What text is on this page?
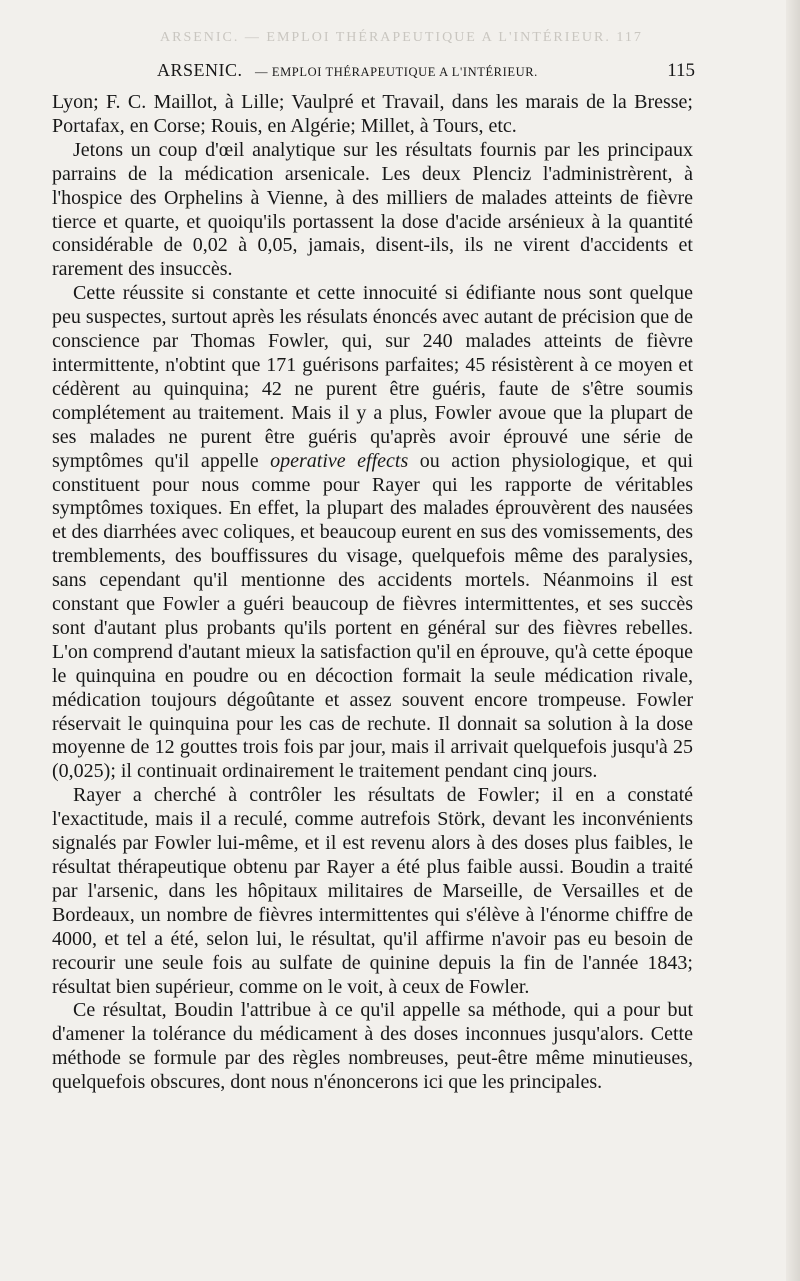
ARSENIC. — EMPLOI THÉRAPEUTIQUE A L'INTÉRIEUR. 117
ARSENIC. — EMPLOI THÉRAPEUTIQUE A L'INTÉRIEUR.	115

Lyon; F. C. Maillot, à Lille; Vaulpré et Travail, dans les marais de la Bresse; Portafax, en Corse; Rouis, en Algérie; Millet, à Tours, etc.

Jetons un coup d'œil analytique sur les résultats fournis par les principaux parrains de la médication arsenicale. Les deux Plenciz l'administrèrent, à l'hospice des Orphelins à Vienne, à des milliers de malades atteints de fièvre tierce et quarte, et quoiqu'ils portassent la dose d'acide arsénieux à la quantité considérable de 0,02 à 0,05, jamais, disent-ils, ils ne virent d'accidents et rarement des insuccès.

Cette réussite si constante et cette innocuité si édifiante nous sont quelque peu suspectes, surtout après les résulats énoncés avec autant de précision que de conscience par Thomas Fowler, qui, sur 240 malades atteints de fièvre intermittente, n'obtint que 171 guérisons parfaites; 45 résistèrent à ce moyen et cédèrent au quinquina; 42 ne purent être guéris, faute de s'être soumis complétement au traitement. Mais il y a plus, Fowler avoue que la plupart de ses malades ne purent être guéris qu'après avoir éprouvé une série de symptômes qu'il appelle operative effects ou action physiologique, et qui constituent pour nous comme pour Rayer qui les rapporte de véritables symptômes toxiques. En effet, la plupart des malades éprouvèrent des nausées et des diarrhées avec coliques, et beaucoup eurent en sus des vomissements, des tremblements, des bouffissures du visage, quelquefois même des paralysies, sans cependant qu'il mentionne des accidents mortels. Néanmoins il est constant que Fowler a guéri beaucoup de fièvres intermittentes, et ses succès sont d'autant plus probants qu'ils portent en général sur des fièvres rebelles. L'on comprend d'autant mieux la satisfaction qu'il en éprouve, qu'à cette époque le quinquina en poudre ou en décoction formait la seule médication rivale, médication toujours dégoûtante et assez souvent encore trompeuse. Fowler réservait le quinquina pour les cas de rechute. Il donnait sa solution à la dose moyenne de 12 gouttes trois fois par jour, mais il arrivait quelquefois jusqu'à 25 (0,025); il continuait ordinairement le traitement pendant cinq jours.

Rayer a cherché à contrôler les résultats de Fowler; il en a constaté l'exactitude, mais il a reculé, comme autrefois Störk, devant les inconvénients signalés par Fowler lui-même, et il est revenu alors à des doses plus faibles, le résultat thérapeutique obtenu par Rayer a été plus faible aussi. Boudin a traité par l'arsenic, dans les hôpitaux militaires de Marseille, de Versailles et de Bordeaux, un nombre de fièvres intermittentes qui s'élève à l'énorme chiffre de 4000, et tel a été, selon lui, le résultat, qu'il affirme n'avoir pas eu besoin de recourir une seule fois au sulfate de quinine depuis la fin de l'année 1843; résultat bien supérieur, comme on le voit, à ceux de Fowler.

Ce résultat, Boudin l'attribue à ce qu'il appelle sa méthode, qui a pour but d'amener la tolérance du médicament à des doses inconnues jusqu'alors. Cette méthode se formule par des règles nombreuses, peut-être même minutieuses, quelquefois obscures, dont nous n'énoncerons ici que les principales.
